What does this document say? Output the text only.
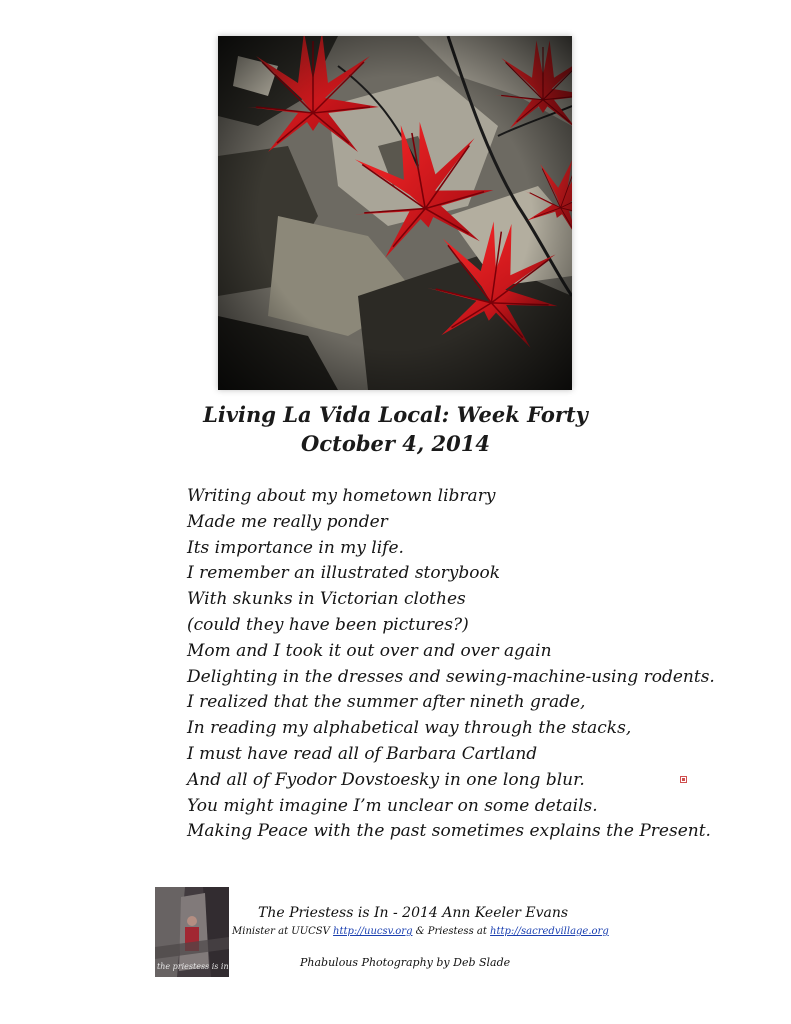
Living La Vida Local: Week Forty
October 4, 2014
Writing about my hometown library
Made me really ponder
Its importance in my life.
I remember an illustrated storybook
With skunks in Victorian clothes
(could they have been pictures?)
Mom and I took it out over and over again
Delighting in the dresses and sewing-machine-using rodents.
I realized that the summer after nineth grade,
In reading my alphabetical way through the stacks,
I must have read all of Barbara Cartland
And all of Fyodor Dovstoesky in one long blur.
You might imagine I’m unclear on some details.
Making Peace with the past sometimes explains the Present.
the priestess is in
The Priestess is In - 2014 Ann Keeler Evans
Minister at UUCSV http://uucsv.org & Priestess at http://sacredvillage.org
Phabulous Photography by Deb Slade
